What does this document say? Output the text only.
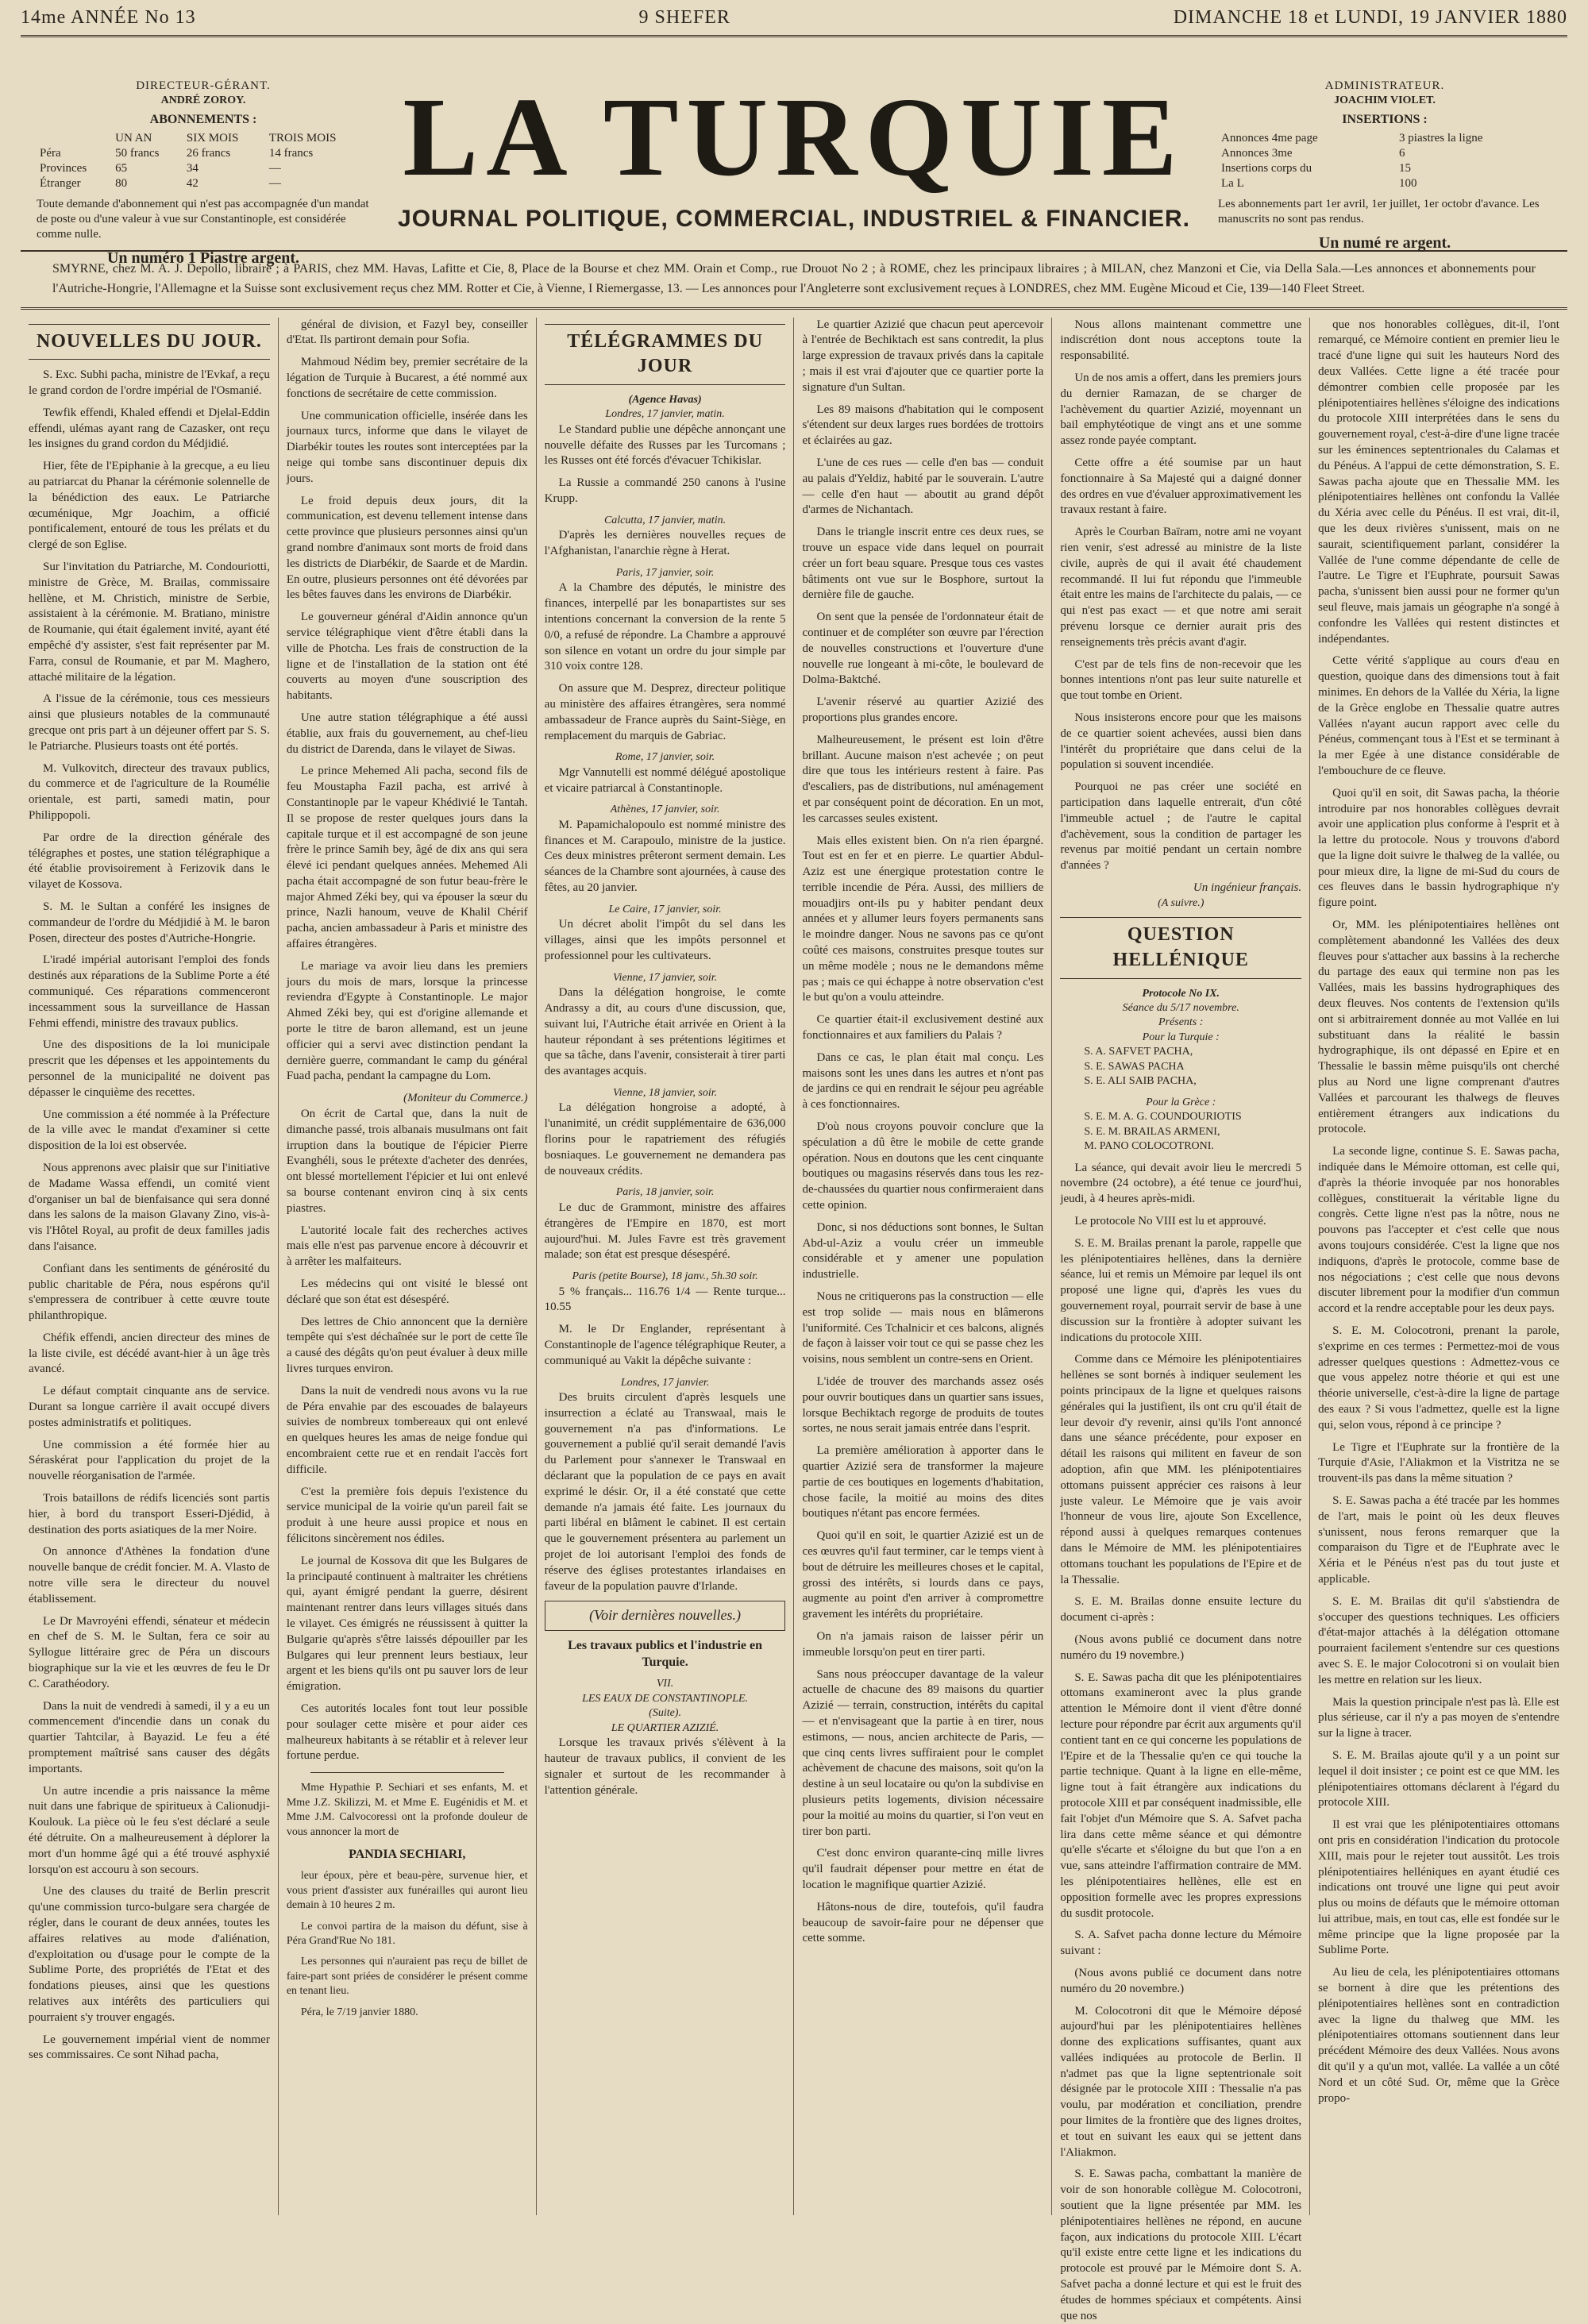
14me ANNÉE No 13	9 SHEFER	DIMANCHE 18 et LUNDI, 19 JANVIER 1880
DIRECTEUR-GÉRANT.
ANDRÉ ZOROY.
ABONNEMENTS :
	UN AN	SIX MOIS	TROIS MOIS
Péra	50 francs	26 francs	14 francs
Provinces	65	34	—
Étranger	80	42	—
Toute demande d'abonnement qui n'est pas accompagnée d'un mandat de poste ou d'une valeur à vue sur Constantinople, est considérée comme nulle.
Un numéro 1 Piastre argent.
LA TURQUIE
JOURNAL POLITIQUE, COMMERCIAL, INDUSTRIEL & FINANCIER.
ADMINISTRATEUR.
JOACHIM VIOLET.
INSERTIONS :
Annonces 4me page	3 piastres la ligne
Annonces 3me	6
Insertions corps du	15
La L	100
Les abonnements part 1er avril, 1er juillet, 1er octobr d'avance. Les manuscrits no sont pas rendus.
Un numé re argent.
SMYRNE, chez M. A. J. Depollo, libraire ; à PARIS, chez MM. Havas, Lafitte et Cie, 8, Place de la Bourse et chez MM. Orain et Comp., rue Drouot No 2 ; à ROME, chez les principaux libraires ; à MILAN, chez Manzoni et Cie, via Della Sala.—Les annonces et abonnements pour l'Autriche-Hongrie, l'Allemagne et la Suisse sont exclusivement reçus chez MM. Rotter et Cie, à Vienne, I Riemergasse, 13. — Les annonces pour l'Angleterre sont exclusivement reçues à LONDRES, chez MM. Eugène Micoud et Cie, 139—140 Fleet Street.
NOUVELLES DU JOUR.

S. Exc. Subhi pacha, ministre de l'Evkaf, a reçu le grand cordon de l'ordre impérial de l'Osmanié.

Tewfik effendi, Khaled effendi et Djelal-Eddin effendi, ulémas ayant rang de Cazasker, ont reçu les insignes du grand cordon du Médjidié.

Hier, fête de l'Epiphanie à la grecque, a eu lieu au patriarcat du Phanar la cérémonie solennelle de la bénédiction des eaux. Le Patriarche œcuménique, Mgr Joachim, a officié pontificalement, entouré de tous les prélats et du clergé de son Eglise.

Sur l'invitation du Patriarche, M. Condouriotti, ministre de Grèce, M. Brailas, commissaire hellène, et M. Christich, ministre de Serbie, assistaient à la cérémonie. M. Bratiano, ministre de Roumanie, qui était également invité, ayant été empêché d'y assister, s'est fait représenter par M. Farra, consul de Roumanie, et par M. Maghero, attaché militaire de la légation.

A l'issue de la cérémonie, tous ces messieurs ainsi que plusieurs notables de la communauté grecque ont pris part à un déjeuner offert par S. S. le Patriarche. Plusieurs toasts ont été portés.

M. Vulkovitch, directeur des travaux publics, du commerce et de l'agriculture de la Roumélie orientale, est parti, samedi matin, pour Philippopoli.

Par ordre de la direction générale des télégraphes et postes, une station télégraphique a été établie provisoirement à Ferizovik dans le vilayet de Kossova.

S. M. le Sultan a conféré les insignes de commandeur de l'ordre du Médjidié à M. le baron Posen, directeur des postes d'Autriche-Hongrie.

L'iradé impérial autorisant l'emploi des fonds destinés aux réparations de la Sublime Porte a été communiqué. Ces réparations commenceront incessamment sous la surveillance de Hassan Fehmi effendi, ministre des travaux publics.

Une des dispositions de la loi municipale prescrit que les dépenses et les appointements du personnel de la municipalité ne doivent pas dépasser le cinquième des recettes.

Une commission a été nommée à la Préfecture de la ville avec le mandat d'examiner si cette disposition de la loi est observée.

Nous apprenons avec plaisir que sur l'initiative de Madame Wassa effendi, un comité vient d'organiser un bal de bienfaisance qui sera donné dans les salons de la maison Glavany Zino, vis-à-vis l'Hôtel Royal, au profit de deux familles jadis dans l'aisance.

Confiant dans les sentiments de générosité du public charitable de Péra, nous espérons qu'il s'empressera de contribuer à cette œuvre toute philanthropique.

Chéfik effendi, ancien directeur des mines de la liste civile, est décédé avant-hier à un âge très avancé.

Le défaut comptait cinquante ans de service. Durant sa longue carrière il avait occupé divers postes administratifs et politiques.

Une commission a été formée hier au Séraskérat pour l'application du projet de la nouvelle réorganisation de l'armée.

Trois bataillons de rédifs licenciés sont partis hier, à bord du transport Esseri-Djédid, à destination des ports asiatiques de la mer Noire.

On annonce d'Athènes la fondation d'une nouvelle banque de crédit foncier. M. A. Vlasto de notre ville sera le directeur du nouvel établissement.

Le Dr Mavroyéni effendi, sénateur et médecin en chef de S. M. le Sultan, fera ce soir au Syllogue littéraire grec de Péra un discours biographique sur la vie et les œuvres de feu le Dr C. Carathéodory.

Dans la nuit de vendredi à samedi, il y a eu un commencement d'incendie dans un conak du quartier Tahtcilar, à Bayazid. Le feu a été promptement maîtrisé sans causer des dégâts importants.

Un autre incendie a pris naissance la même nuit dans une fabrique de spiritueux à Calionudji-Koulouk. La pièce où le feu s'est déclaré a seule été détruite. On a malheureusement à déplorer la mort d'un homme âgé qui a été trouvé asphyxié lorsqu'on est accouru à son secours.

Une des clauses du traité de Berlin prescrit qu'une commission turco-bulgare sera chargée de régler, dans le courant de deux années, toutes les affaires relatives au mode d'aliénation, d'exploitation ou d'usage pour le compte de la Sublime Porte, des propriétés de l'Etat et des fondations pieuses, ainsi que les questions relatives aux intérêts des particuliers qui pourraient s'y trouver engagés.

Le gouvernement impérial vient de nommer ses commissaires. Ce sont Nihad pacha,

général de division, et Fazyl bey, conseiller d'Etat. Ils partiront demain pour Sofia.

Mahmoud Nédim bey, premier secrétaire de la légation de Turquie à Bucarest, a été nommé aux fonctions de secrétaire de cette commission.

Une communication officielle, insérée dans les journaux turcs, informe que dans le vilayet de Diarbékir toutes les routes sont interceptées par la neige qui tombe sans discontinuer depuis dix jours.

Le froid depuis deux jours, dit la communication, est devenu tellement intense dans cette province que plusieurs personnes ainsi qu'un grand nombre d'animaux sont morts de froid dans les districts de Diarbékir, de Saarde et de Mardin. En outre, plusieurs personnes ont été dévorées par les bêtes fauves dans les environs de Diarbékir.

Le gouverneur général d'Aidin annonce qu'un service télégraphique vient d'être établi dans la ville de Photcha. Les frais de construction de la ligne et de l'installation de la station ont été couverts au moyen d'une souscription des habitants.

Une autre station télégraphique a été aussi établie, aux frais du gouvernement, au chef-lieu du district de Darenda, dans le vilayet de Siwas.

Le prince Mehemed Ali pacha, second fils de feu Moustapha Fazil pacha, est arrivé à Constantinople par le vapeur Khédivié le Tantah. Il se propose de rester quelques jours dans la capitale turque et il est accompagné de son jeune frère le prince Samih bey, âgé de dix ans qui sera élevé ici pendant quelques années. Mehemed Ali pacha était accompagné de son futur beau-frère le major Ahmed Zéki bey, qui va épouser la sœur du prince, Nazli hanoum, veuve de Khalil Chérif pacha, ancien ambassadeur à Paris et ministre des affaires étrangères.

Le mariage va avoir lieu dans les premiers jours du mois de mars, lorsque la princesse reviendra d'Egypte à Constantinople. Le major Ahmed Zéki bey, qui est d'origine allemande et porte le titre de baron allemand, est un jeune officier qui a servi avec distinction pendant la dernière guerre, commandant le camp du général Fuad pacha, pendant la campagne du Lom.

(Moniteur du Commerce.)

On écrit de Cartal que, dans la nuit de dimanche passé, trois albanais musulmans ont fait irruption dans la boutique de l'épicier Pierre Evanghéli, sous le prétexte d'acheter des denrées, ont blessé mortellement l'épicier et lui ont enlevé sa bourse contenant environ cinq à six cents piastres.

L'autorité locale fait des recherches actives mais elle n'est pas parvenue encore à découvrir et à arrêter les malfaiteurs.

Les médecins qui ont visité le blessé ont déclaré que son état est désespéré.

Des lettres de Chio annoncent que la dernière tempête qui s'est déchaînée sur le port de cette île a causé des dégâts qu'on peut évaluer à deux mille livres turques environ.

Dans la nuit de vendredi nous avons vu la rue de Péra envahie par des escouades de balayeurs suivies de nombreux tombereaux qui ont enlevé en quelques heures les amas de neige fondue qui encombraient cette rue et en rendait l'accès fort difficile.

C'est la première fois depuis l'existence du service municipal de la voirie qu'un pareil fait se produit à une heure aussi propice et nous en félicitons sincèrement nos édiles.

Le journal de Kossova dit que les Bulgares de la principauté continuent à maltraiter les chrétiens qui, ayant émigré pendant la guerre, désirent maintenant rentrer dans leurs villages situés dans le vilayet. Ces émigrés ne réussissent à quitter la Bulgarie qu'après s'être laissés dépouiller par les Bulgares qui leur prennent leurs bestiaux, leur argent et les biens qu'ils ont pu sauver lors de leur émigration.

Ces autorités locales font tout leur possible pour soulager cette misère et pour aider ces malheureux habitants à se rétablir et à relever leur fortune perdue.

Mme Hypathie P. Sechiari et ses enfants, M. et Mme J.Z. Skilizzi, M. et Mme E. Eugénidis et M. et Mme J.M. Calvocoressi ont la profonde douleur de vous annoncer la mort de

PANDIA SECHIARI,

leur époux, père et beau-père, survenue hier, et vous prient d'assister aux funérailles qui auront lieu demain à 10 heures 2 m.

Le convoi partira de la maison du défunt, sise à Péra Grand'Rue No 181.

Les personnes qui n'auraient pas reçu de billet de faire-part sont priées de considérer le présent comme en tenant lieu.

Péra, le 7/19 janvier 1880.

TÉLÉGRAMMES DU JOUR
(Agence Havas)
Londres, 17 janvier, matin.

Le Standard publie une dépêche annonçant une nouvelle défaite des Russes par les Turcomans ; les Russes ont été forcés d'évacuer Tchikislar.

La Russie a commandé 250 canons à l'usine Krupp.

Calcutta, 17 janvier, matin.

D'après les dernières nouvelles reçues de l'Afghanistan, l'anarchie règne à Herat.

Paris, 17 janvier, soir.

A la Chambre des députés, le ministre des finances, interpellé par les bonapartistes sur ses intentions concernant la conversion de la rente 5 0/0, a refusé de répondre. La Chambre a approuvé son silence en votant un ordre du jour simple par 310 voix contre 128.

On assure que M. Desprez, directeur politique au ministère des affaires étrangères, sera nommé ambassadeur de France auprès du Saint-Siège, en remplacement du marquis de Gabriac.

Rome, 17 janvier, soir.

Mgr Vannutelli est nommé délégué apostolique et vicaire patriarcal à Constantinople.

Athènes, 17 janvier, soir.

M. Papamichalopoulo est nommé ministre des finances et M. Carapoulo, ministre de la justice. Ces deux ministres prêteront serment demain. Les séances de la Chambre sont ajournées, à cause des fêtes, au 20 janvier.

Le Caire, 17 janvier, soir.

Un décret abolit l'impôt du sel dans les villages, ainsi que les impôts personnel et professionnel pour les cultivateurs.

Vienne, 17 janvier, soir.

Dans la délégation hongroise, le comte Andrassy a dit, au cours d'une discussion, que, suivant lui, l'Autriche était arrivée en Orient à la hauteur répondant à ses prétentions légitimes et que sa tâche, dans l'avenir, consisterait à tirer parti des avantages acquis.

Vienne, 18 janvier, soir.

La délégation hongroise a adopté, à l'unanimité, un crédit supplémentaire de 636,000 florins pour le rapatriement des réfugiés bosniaques. Le gouvernement ne demandera pas de nouveaux crédits.

Paris, 18 janvier, soir.

Le duc de Grammont, ministre des affaires étrangères de l'Empire en 1870, est mort aujourd'hui. M. Jules Favre est très gravement malade; son état est presque désespéré.

Paris (petite Bourse), 18 janv., 5h.30 soir.

5 % français... 116.76 1/4 — Rente turque... 10.55

M. le Dr Englander, représentant à Constantinople de l'agence télégraphique Reuter, a communiqué au Vakit la dépêche suivante :

Londres, 17 janvier.

Des bruits circulent d'après lesquels une insurrection a éclaté au Transwaal, mais le gouvernement n'a pas d'informations. Le gouvernement a publié qu'il serait demandé l'avis du Parlement pour s'annexer le Transwaal en déclarant que la population de ce pays en avait exprimé le désir. Or, il a été constaté que cette demande n'a jamais été faite. Les journaux du parti libéral en blâment le cabinet. Il est certain que le gouvernement présentera au parlement un projet de loi autorisant l'emploi des fonds de réserve des églises protestantes irlandaises en faveur de la population pauvre d'Irlande.

(Voir dernières nouvelles.)
Les travaux publics et l'industrie en Turquie.
VII.
LES EAUX DE CONSTANTINOPLE.
(Suite).
LE QUARTIER AZIZIÉ.

Lorsque les travaux privés s'élèvent à la hauteur de travaux publics, il convient de les signaler et surtout de les recommander à l'attention générale.

Le quartier Azizié que chacun peut apercevoir à l'entrée de Bechiktach est sans contredit, la plus large expression de travaux privés dans la capitale ; mais il est vrai d'ajouter que ce quartier porte la signature d'un Sultan.

Les 89 maisons d'habitation qui le composent s'étendent sur deux larges rues bordées de trottoirs et éclairées au gaz.

L'une de ces rues — celle d'en bas — conduit au palais d'Yeldiz, habité par le souverain. L'autre — celle d'en haut — aboutit au grand dépôt d'armes de Nichantach.

Dans le triangle inscrit entre ces deux rues, se trouve un espace vide dans lequel on pourrait créer un fort beau square. Presque tous ces vastes bâtiments ont vue sur le Bosphore, surtout la dernière file de gauche.

On sent que la pensée de l'ordonnateur était de continuer et de compléter son œuvre par l'érection de nouvelles constructions et l'ouverture d'une nouvelle rue longeant à mi-côte, le boulevard de Dolma-Baktché.

L'avenir réservé au quartier Azizié des proportions plus grandes encore.

Malheureusement, le présent est loin d'être brillant. Aucune maison n'est achevée ; on peut dire que tous les intérieurs restent à faire. Pas d'escaliers, pas de distributions, nul aménagement et par conséquent point de décoration. En un mot, les carcasses seules existent.

Mais elles existent bien. On n'a rien épargné. Tout est en fer et en pierre. Le quartier Abdul-Aziz est une énergique protestation contre le terrible incendie de Péra. Aussi, des milliers de mouadjirs ont-ils pu y habiter pendant deux années et y allumer leurs foyers permanents sans le moindre danger. Nous ne savons pas ce qu'ont coûté ces maisons, construites presque toutes sur un même modèle ; nous ne le demandons même pas ; mais ce qui échappe à notre observation c'est le but qu'on a voulu atteindre.

Ce quartier était-il exclusivement destiné aux fonctionnaires et aux familiers du Palais ?

Dans ce cas, le plan était mal conçu. Les maisons sont les unes dans les autres et n'ont pas de jardins ce qui en rendrait le séjour peu agréable à ces fonctionnaires.

D'où nous croyons pouvoir conclure que la spéculation a dû être le mobile de cette grande opération. Nous en doutons que les cent cinquante boutiques ou magasins réservés dans tous les rez-de-chaussées du quartier nous confirmeraient dans cette opinion.

Donc, si nos déductions sont bonnes, le Sultan Abd-ul-Aziz a voulu créer un immeuble considérable et y amener une population industrielle.

Nous ne critiquerons pas la construction — elle est trop solide — mais nous en blâmerons l'uniformité. Ces Tchalnicir et ces balcons, alignés de façon à laisser voir tout ce qui se passe chez les voisins, nous semblent un contre-sens en Orient.

L'idée de trouver des marchands assez osés pour ouvrir boutiques dans un quartier sans issues, lorsque Bechiktach regorge de produits de toutes sortes, ne nous serait jamais entrée dans l'esprit.

La première amélioration à apporter dans le quartier Azizié sera de transformer la majeure partie de ces boutiques en logements d'habitation, chose facile, la moitié au moins des dites boutiques n'étant pas encore fermées.

Quoi qu'il en soit, le quartier Azizié est un de ces œuvres qu'il faut terminer, car le temps vient à bout de détruire les meilleures choses et le capital, grossi des intérêts, si lourds dans ce pays, augmente au point d'en arriver à compromettre gravement les intérêts du propriétaire.

On n'a jamais raison de laisser périr un immeuble lorsqu'on peut en tirer parti.

Sans nous préoccuper davantage de la valeur actuelle de chacune des 89 maisons du quartier Azizié — terrain, construction, intérêts du capital — et n'envisageant que la partie à en tirer, nous estimons, — nous, ancien architecte de Paris, — que cinq cents livres suffiraient pour le complet achèvement de chacune des maisons, soit qu'on la destine à un seul locataire ou qu'on la subdivise en plusieurs petits logements, division nécessaire pour la moitié au moins du quartier, si l'on veut en tirer bon parti.

C'est donc environ quarante-cinq mille livres qu'il faudrait dépenser pour mettre en état de location le magnifique quartier Azizié.

Hâtons-nous de dire, toutefois, qu'il faudra beaucoup de savoir-faire pour ne dépenser que cette somme.

Nous allons maintenant commettre une indiscrétion dont nous acceptons toute la responsabilité.

Un de nos amis a offert, dans les premiers jours du dernier Ramazan, de se charger de l'achèvement du quartier Azizié, moyennant un bail emphytéotique de vingt ans et une somme assez ronde payée comptant.

Cette offre a été soumise par un haut fonctionnaire à Sa Majesté qui a daigné donner des ordres en vue d'évaluer approximativement les travaux restant à faire.

Après le Courban Baïram, notre ami ne voyant rien venir, s'est adressé au ministre de la liste civile, auprès de qui il avait été chaudement recommandé. Il lui fut répondu que l'immeuble était entre les mains de l'architecte du palais, — ce qui n'est pas exact — et que notre ami serait prévenu lorsque ce dernier aurait pris des renseignements très précis avant d'agir.

C'est par de tels fins de non-recevoir que les bonnes intentions n'ont pas leur suite naturelle et que tout tombe en Orient.

Nous insisterons encore pour que les maisons de ce quartier soient achevées, aussi bien dans l'intérêt du propriétaire que dans celui de la population si souvent incendiée.

Pourquoi ne pas créer une société en participation dans laquelle entrerait, d'un côté l'immeuble actuel ; de l'autre le capital d'achèvement, sous la condition de partager les revenus par moitié pendant un certain nombre d'années ?

Un ingénieur français.
(A suivre.)
QUESTION HELLÉNIQUE
Protocole No IX.
Séance du 5/17 novembre.
Présents :
Pour la Turquie :
S. A. SAFVET PACHA,
S. E. SAWAS PACHA
S. E. ALI SAIB PACHA,
Pour la Grèce :
S. E. M. A. G. COUNDOURIOTIS
S. E. M. BRAILAS ARMENI,
M. PANO COLOCOTRONI.

La séance, qui devait avoir lieu le mercredi 5 novembre (24 octobre), a été tenue ce jourd'hui, jeudi, à 4 heures après-midi.

Le protocole No VIII est lu et approuvé.

S. E. M. Brailas prenant la parole, rappelle que les plénipotentiaires hellènes, dans la dernière séance, lui et remis un Mémoire par lequel ils ont proposé une ligne qui, d'après les vues du gouvernement royal, pourrait servir de base à une discussion sur la frontière à adopter suivant les indications du protocole XIII.

Comme dans ce Mémoire les plénipotentiaires hellènes se sont bornés à indiquer seulement les points principaux de la ligne et quelques raisons générales qui la justifient, ils ont cru qu'il était de leur devoir d'y revenir, ainsi qu'ils l'ont annoncé dans une séance précédente, pour exposer en détail les raisons qui militent en faveur de son adoption, afin que MM. les plénipotentiaires ottomans puissent apprécier ces raisons à leur juste valeur. Le Mémoire que je vais avoir l'honneur de vous lire, ajoute Son Excellence, répond aussi à quelques remarques contenues dans le Mémoire de MM. les plénipotentiaires ottomans touchant les populations de l'Epire et de la Thessalie.

S. E. M. Brailas donne ensuite lecture du document ci-après :

(Nous avons publié ce document dans notre numéro du 19 novembre.)

S. E. Sawas pacha dit que les plénipotentiaires ottomans examineront avec la plus grande attention le Mémoire dont il vient d'être donné lecture pour répondre par écrit aux arguments qu'il contient tant en ce qui concerne les populations de l'Epire et de la Thessalie qu'en ce qui touche la partie technique. Quant à la ligne en elle-même, ligne tout à fait étrangère aux indications du protocole XIII et par conséquent inadmissible, elle fait l'objet d'un Mémoire que S. A. Safvet pacha lira dans cette même séance et qui démontre qu'elle s'écarte et s'éloigne du but que l'on a en vue, sans atteindre l'affirmation contraire de MM. les plénipotentiaires hellènes, elle est en opposition formelle avec les propres expressions du susdit protocole.

S. A. Safvet pacha donne lecture du Mémoire suivant :

(Nous avons publié ce document dans notre numéro du 20 novembre.)

M. Colocotroni dit que le Mémoire déposé aujourd'hui par les plénipotentiaires hellènes donne des explications suffisantes, quant aux vallées indiquées au protocole de Berlin. Il n'admet pas que la ligne septentrionale soit désignée par le protocole XIII : Thessalie n'a pas voulu, par modération et conciliation, prendre pour limites de la frontière que des lignes droites, et tout en suivant les eaux qui se jettent dans l'Aliakmon.

S. E. Sawas pacha, combattant la manière de voir de son honorable collègue M. Colocotroni, soutient que la ligne présentée par MM. les plénipotentiaires hellènes ne répond, en aucune façon, aux indications du protocole XIII. L'écart qu'il existe entre cette ligne et les indications du protocole est prouvé par le Mémoire dont S. A. Safvet pacha a donné lecture et qui est le fruit des études de hommes spéciaux et compétents. Ainsi que nos

que nos honorables collègues, dit-il, l'ont remarqué, ce Mémoire contient en premier lieu le tracé d'une ligne qui suit les hauteurs Nord des deux Vallées. Cette ligne a été tracée pour démontrer combien celle proposée par les plénipotentiaires hellènes s'éloigne des indications du protocole XIII interprétées dans le sens du gouvernement royal, c'est-à-dire d'une ligne tracée sur les éminences septentrionales du Calamas et du Pénéus. A l'appui de cette démonstration, S. E. Sawas pacha ajoute que en Thessalie MM. les plénipotentiaires hellènes ont confondu la Vallée du Xéria avec celle du Pénéus. Il est vrai, dit-il, que les deux rivières s'unissent, mais on ne saurait, scientifiquement parlant, considérer la Vallée de l'une comme dépendante de celle de l'autre. Le Tigre et l'Euphrate, poursuit Sawas pacha, s'unissent bien aussi pour ne former qu'un seul fleuve, mais jamais un géographe n'a songé à confondre les Vallées qui restent distinctes et indépendantes.

Cette vérité s'applique au cours d'eau en question, quoique dans des dimensions tout à fait minimes. En dehors de la Vallée du Xéria, la ligne de la Grèce englobe en Thessalie quatre autres Vallées n'ayant aucun rapport avec celle du Pénéus, commençant tous à l'Est et se terminant à la mer Egée à une distance considérable de l'embouchure de ce fleuve.

Quoi qu'il en soit, dit Sawas pacha, la théorie introduire par nos honorables collègues devrait avoir une application plus conforme à l'esprit et à la lettre du protocole. Nous y trouvons d'abord que la ligne doit suivre le thalweg de la vallée, ou pour mieux dire, la ligne de mi-Sud du cours de ces fleuves dans le bassin hydrographique n'y figure point.

Or, MM. les plénipotentiaires hellènes ont complètement abandonné les Vallées des deux fleuves pour s'attacher aux bassins à la recherche du partage des eaux qui termine non pas les Vallées, mais les bassins hydrographiques des deux fleuves. Nos contents de l'extension qu'ils ont si arbitrairement donnée au mot Vallée en lui substituant dans la réalité le bassin hydrographique, ils ont dépassé en Epire et en Thessalie le bassin même puisqu'ils ont cherché plus au Nord une ligne comprenant d'autres Vallées et parcourant les thalwegs de fleuves entièrement étrangers aux indications du protocole.

La seconde ligne, continue S. E. Sawas pacha, indiquée dans le Mémoire ottoman, est celle qui, d'après la théorie invoquée par nos honorables collègues, constituerait la véritable ligne du congrès. Cette ligne n'est pas la nôtre, nous ne pouvons pas l'accepter et c'est celle que nous avons toujours considérée. C'est la ligne que nos indiquons, d'après le protocole, comme base de nos négociations ; c'est celle que nous devons discuter librement pour la modifier d'un commun accord et la rendre acceptable pour les deux pays.

S. E. M. Colocotroni, prenant la parole, s'exprime en ces termes : Permettez-moi de vous adresser quelques questions : Admettez-vous ce que vous appelez notre théorie et qui est une théorie universelle, c'est-à-dire la ligne de partage des eaux ? Si vous l'admettez, quelle est la ligne qui, selon vous, répond à ce principe ?

Le Tigre et l'Euphrate sur la frontière de la Turquie d'Asie, l'Aliakmon et la Vistritza ne se trouvent-ils pas dans la même situation ?

S. E. Sawas pacha a été tracée par les hommes de l'art, mais le point où les deux fleuves s'unissent, nous ferons remarquer que la comparaison du Tigre et de l'Euphrate avec le Xéria et le Pénéus n'est pas du tout juste et applicable.

S. E. M. Brailas dit qu'il s'abstiendra de s'occuper des questions techniques. Les officiers d'état-major attachés à la délégation ottomane pourraient facilement s'entendre sur ces questions avec S. E. le major Colocotroni si on voulait bien les mettre en relation sur les lieux.

Mais la question principale n'est pas là. Elle est plus sérieuse, car il n'y a pas moyen de s'entendre sur la ligne à tracer.

S. E. M. Brailas ajoute qu'il y a un point sur lequel il doit insister ; ce point est ce que MM. les plénipotentiaires ottomans déclarent à l'égard du protocole XIII.

Il est vrai que les plénipotentiaires ottomans ont pris en considération l'indication du protocole XIII, mais pour le rejeter tout aussitôt. Les trois plénipotentiaires helléniques en ayant étudié ces indications ont trouvé une ligne qui peut avoir plus ou moins de défauts que le mémoire ottoman lui attribue, mais, en tout cas, elle est fondée sur le même principe que la ligne proposée par la Sublime Porte.

Au lieu de cela, les plénipotentiaires ottomans se bornent à dire que les prétentions des plénipotentiaires hellènes sont en contradiction avec la ligne du thalweg que MM. les plénipotentiaires ottomans soutiennent dans leur précédent Mémoire des deux Vallées. Nous avons dit qu'il y a qu'un mot, vallée. La vallée a un côté Nord et un côté Sud. Or, même que la Grèce propo-
